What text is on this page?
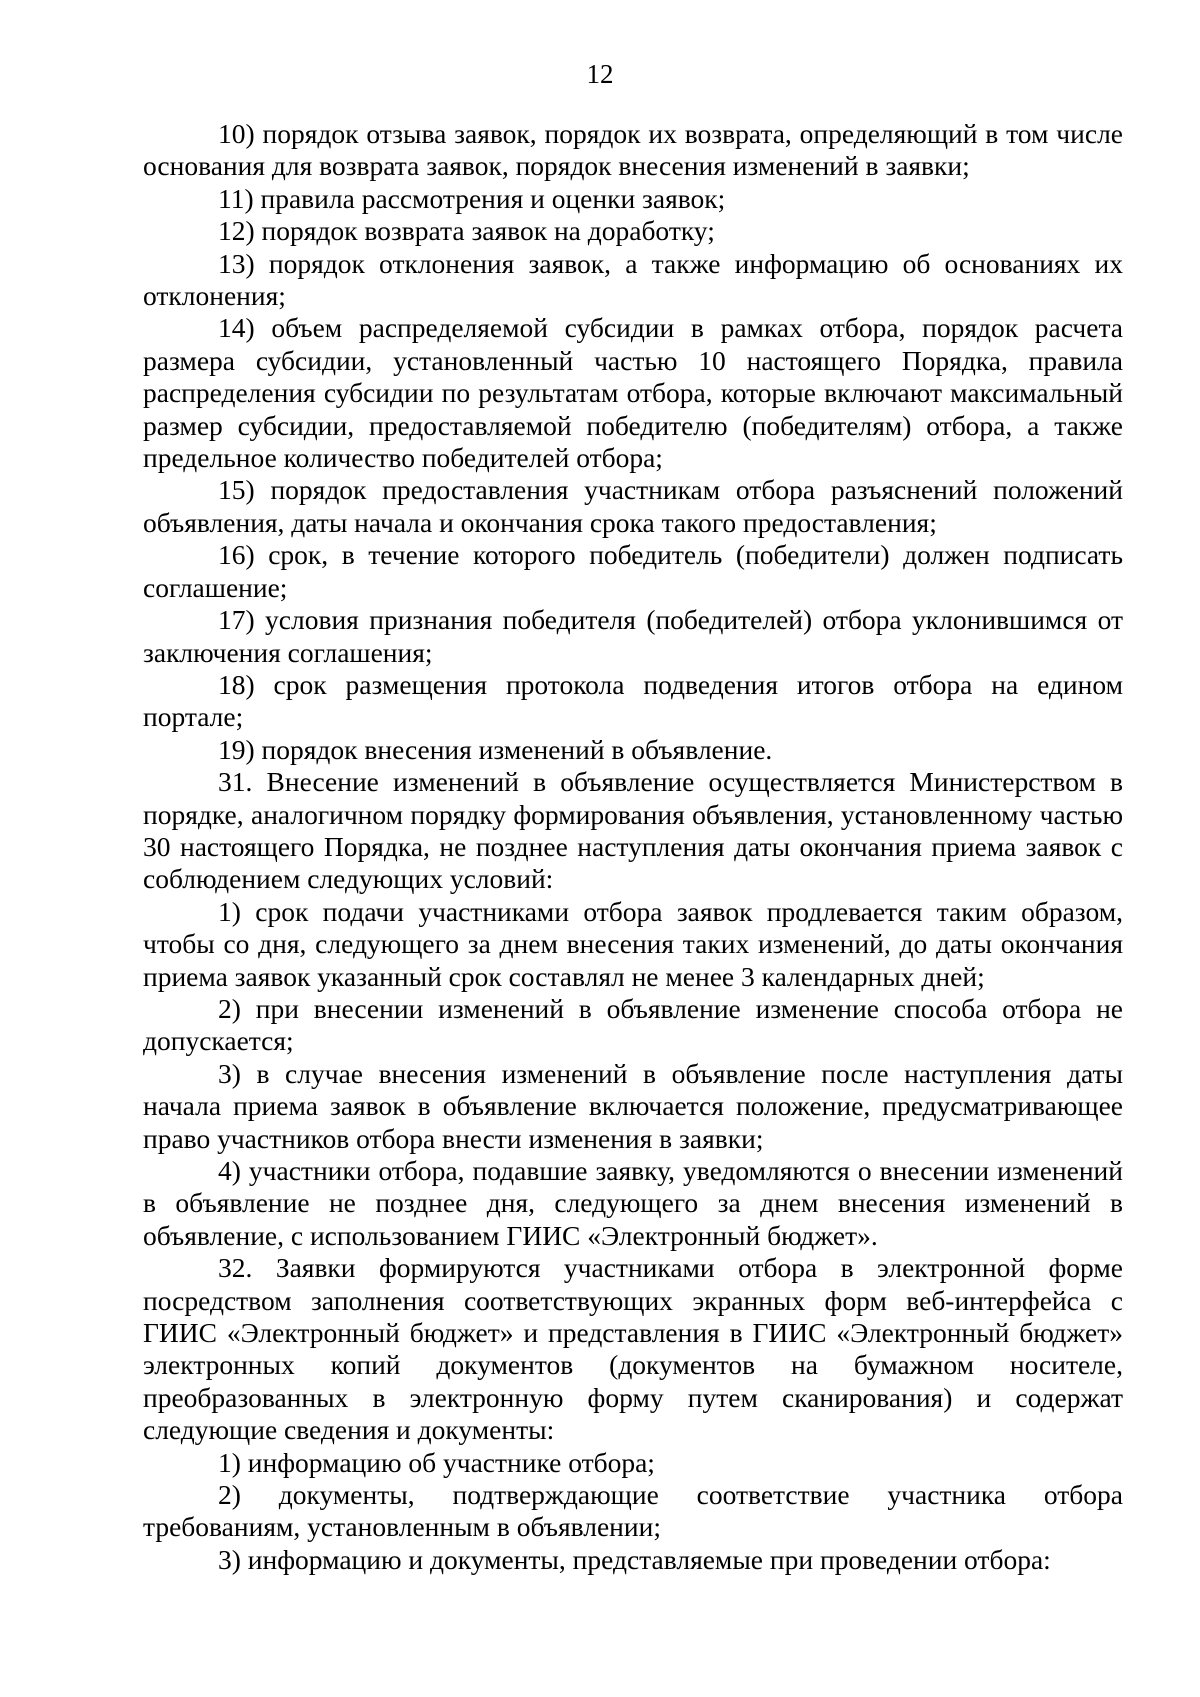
12

10) порядок отзыва заявок, порядок их возврата, определяющий в том числе основания для возврата заявок, порядок внесения изменений в заявки;

11) правила рассмотрения и оценки заявок;

12) порядок возврата заявок на доработку;

13) порядок отклонения заявок, а также информацию об основаниях их отклонения;

14) объем распределяемой субсидии в рамках отбора, порядок расчета размера субсидии, установленный частью 10 настоящего Порядка, правила распределения субсидии по результатам отбора, которые включают максимальный размер субсидии, предоставляемой победителю (победителям) отбора, а также предельное количество победителей отбора;

15) порядок предоставления участникам отбора разъяснений положений объявления, даты начала и окончания срока такого предоставления;

16) срок, в течение которого победитель (победители) должен подписать соглашение;

17) условия признания победителя (победителей) отбора уклонившимся от заключения соглашения;

18) срок размещения протокола подведения итогов отбора на едином портале;

19) порядок внесения изменений в объявление.

31. Внесение изменений в объявление осуществляется Министерством в порядке, аналогичном порядку формирования объявления, установленному частью 30 настоящего Порядка, не позднее наступления даты окончания приема заявок с соблюдением следующих условий:

1) срок подачи участниками отбора заявок продлевается таким образом, чтобы со дня, следующего за днем внесения таких изменений, до даты окончания приема заявок указанный срок составлял не менее 3 календарных дней;

2) при внесении изменений в объявление изменение способа отбора не допускается;

3) в случае внесения изменений в объявление после наступления даты начала приема заявок в объявление включается положение, предусматривающее право участников отбора внести изменения в заявки;

4) участники отбора, подавшие заявку, уведомляются о внесении изменений в объявление не позднее дня, следующего за днем внесения изменений в объявление, с использованием ГИИС «Электронный бюджет».

32. Заявки формируются участниками отбора в электронной форме посредством заполнения соответствующих экранных форм веб-интерфейса с ГИИС «Электронный бюджет» и представления в ГИИС «Электронный бюджет» электронных копий документов (документов на бумажном носителе, преобразованных в электронную форму путем сканирования) и содержат следующие сведения и документы:

1) информацию об участнике отбора;

2) документы, подтверждающие соответствие участника отбора требованиям, установленным в объявлении;

3) информацию и документы, представляемые при проведении отбора:
